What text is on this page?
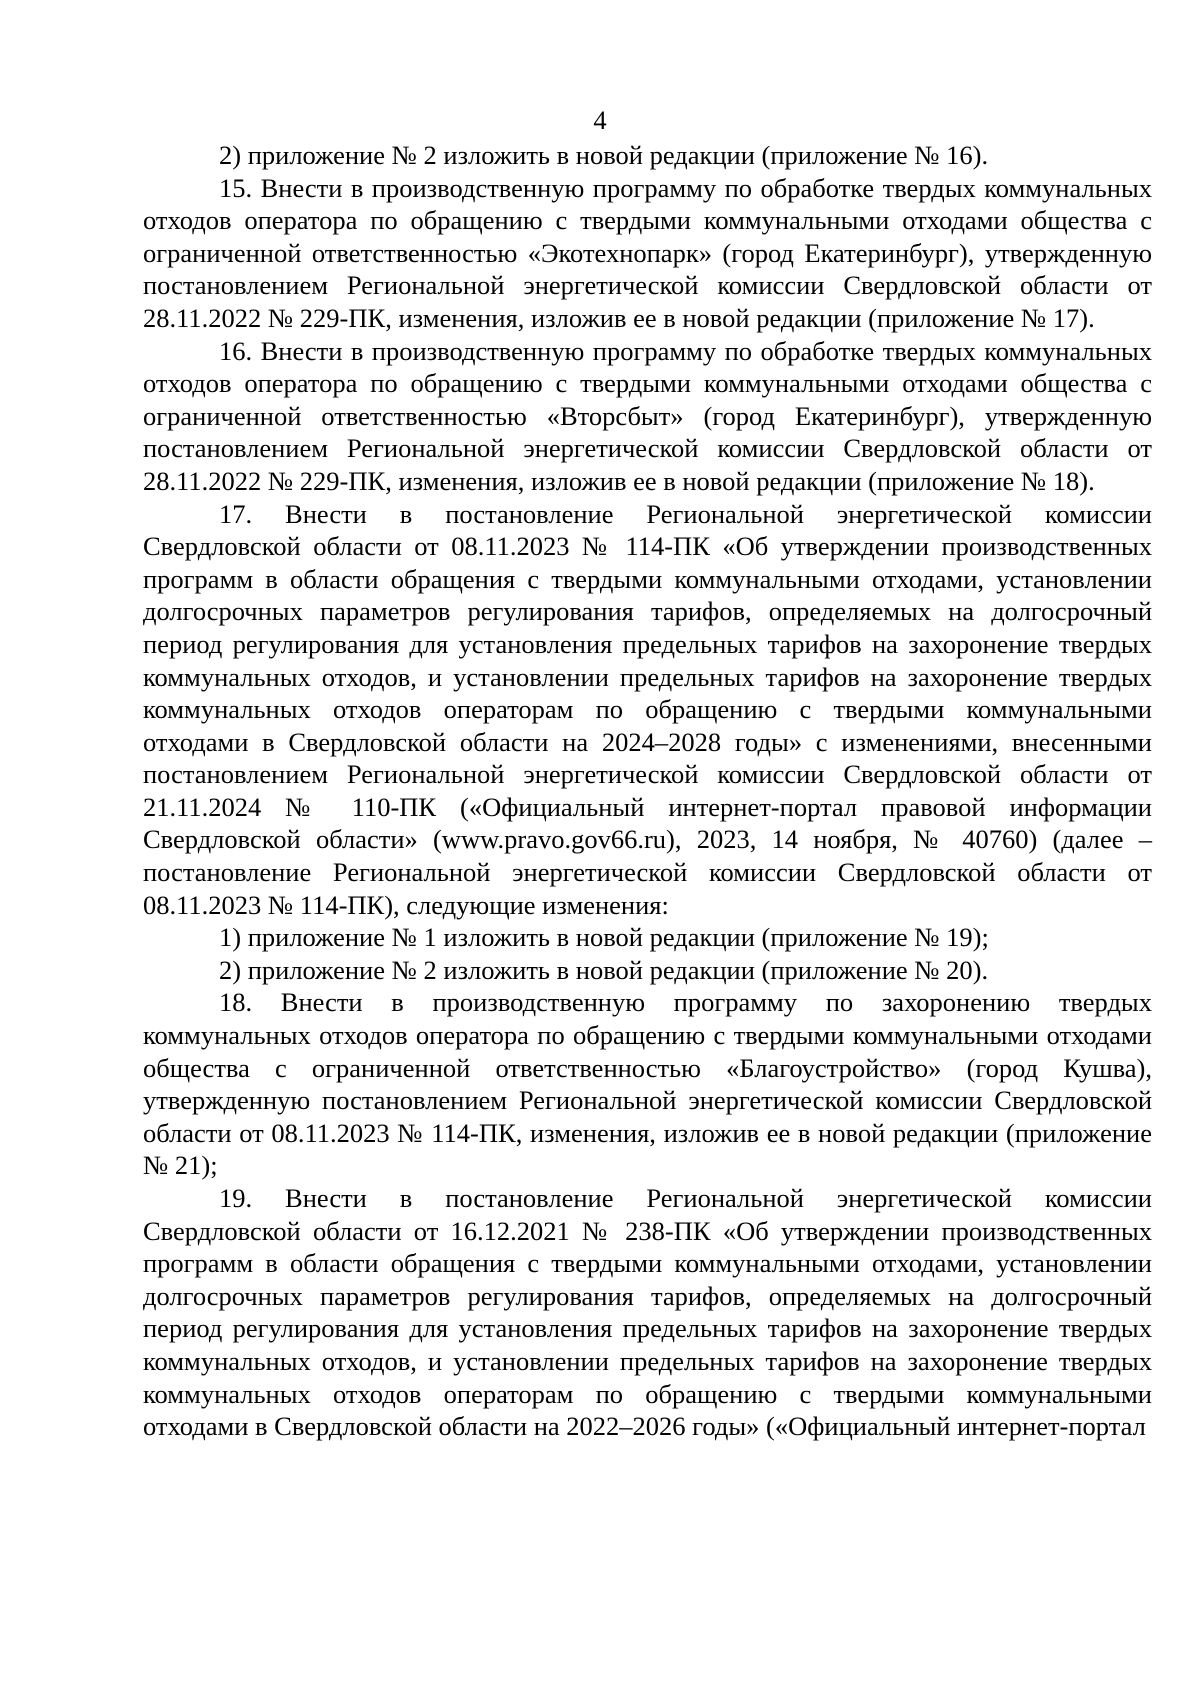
4

2) приложение № 2 изложить в новой редакции (приложение № 16).

15. Внести в производственную программу по обработке твердых коммунальных отходов оператора по обращению с твердыми коммунальными отходами общества с ограниченной ответственностью «Экотехнопарк» (город Екатеринбург), утвержденную постановлением Региональной энергетической комиссии Свердловской области от 28.11.2022 № 229-ПК, изменения, изложив ее в новой редакции (приложение № 17).

16. Внести в производственную программу по обработке твердых коммунальных отходов оператора по обращению с твердыми коммунальными отходами общества с ограниченной ответственностью «Вторсбыт» (город Екатеринбург), утвержденную постановлением Региональной энергетической комиссии Свердловской области от 28.11.2022 № 229-ПК, изменения, изложив ее в новой редакции (приложение № 18).

17. Внести в постановление Региональной энергетической комиссии Свердловской области от 08.11.2023 № 114-ПК «Об утверждении производственных программ в области обращения с твердыми коммунальными отходами, установлении долгосрочных параметров регулирования тарифов, определяемых на долгосрочный период регулирования для установления предельных тарифов на захоронение твердых коммунальных отходов, и установлении предельных тарифов на захоронение твердых коммунальных отходов операторам по обращению с твердыми коммунальными отходами в Свердловской области на 2024–2028 годы» с изменениями, внесенными постановлением Региональной энергетической комиссии Свердловской области от 21.11.2024 № 110-ПК («Официальный интернет-портал правовой информации Свердловской области» (www.pravo.gov66.ru), 2023, 14 ноября, № 40760) (далее – постановление Региональной энергетической комиссии Свердловской области от 08.11.2023 № 114-ПК), следующие изменения:

1) приложение № 1 изложить в новой редакции (приложение № 19);

2) приложение № 2 изложить в новой редакции (приложение № 20).

18. Внести в производственную программу по захоронению твердых коммунальных отходов оператора по обращению с твердыми коммунальными отходами общества с ограниченной ответственностью «Благоустройство» (город Кушва), утвержденную постановлением Региональной энергетической комиссии Свердловской области от 08.11.2023 № 114-ПК, изменения, изложив ее в новой редакции (приложение № 21);

19. Внести в постановление Региональной энергетической комиссии Свердловской области от 16.12.2021 № 238-ПК «Об утверждении производственных программ в области обращения с твердыми коммунальными отходами, установлении долгосрочных параметров регулирования тарифов, определяемых на долгосрочный период регулирования для установления предельных тарифов на захоронение твердых коммунальных отходов, и установлении предельных тарифов на захоронение твердых коммунальных отходов операторам по обращению с твердыми коммунальными отходами в Свердловской области на 2022–2026 годы» («Официальный интернет-портал
